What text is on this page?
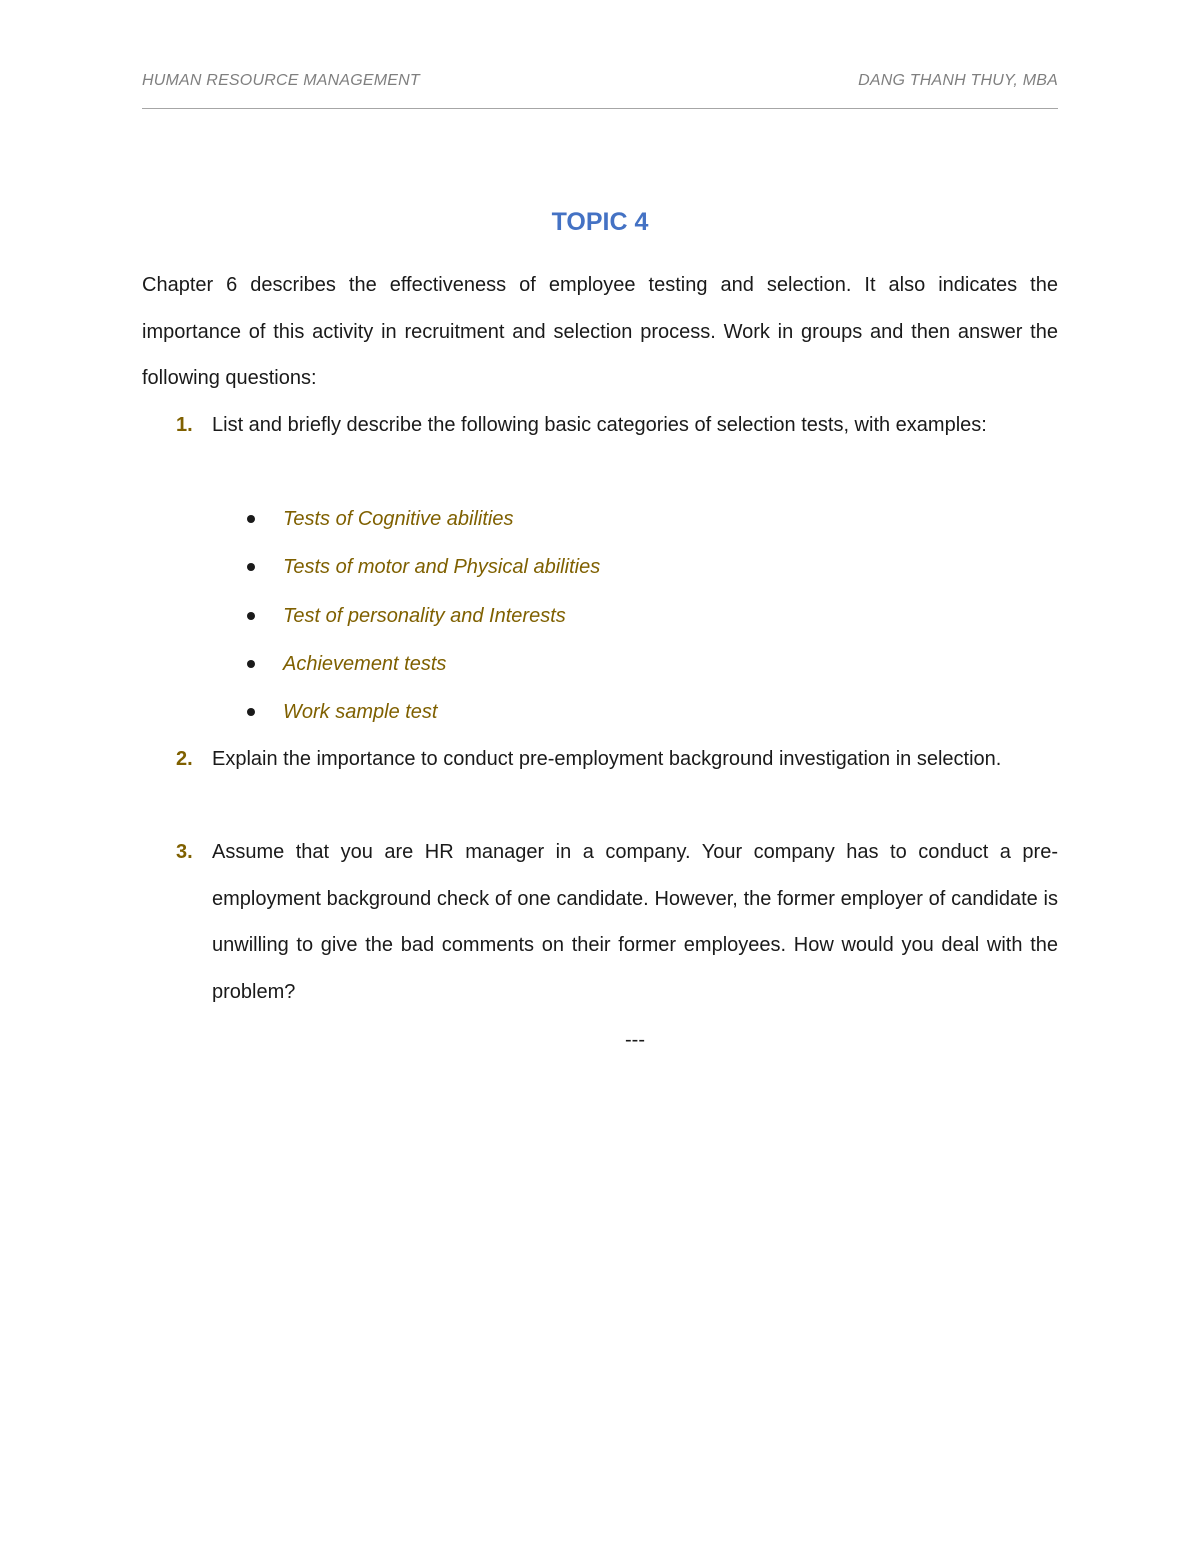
HUMAN RESOURCE MANAGEMENT	DANG THANH THUY, MBA
TOPIC 4

Chapter 6 describes the effectiveness of employee testing and selection. It also indicates the importance of this activity in recruitment and selection process. Work in groups and then answer the following questions:

1. List and briefly describe the following basic categories of selection tests, with examples:
Tests of Cognitive abilities
Tests of motor and Physical abilities
Test of personality and Interests
Achievement tests
Work sample test
2. Explain the importance to conduct pre-employment background investigation in selection.
3. Assume that you are HR manager in a company. Your company has to conduct a pre-employment background check of one candidate. However, the former employer of candidate is unwilling to give the bad comments on their former employees. How would you deal with the problem?
---
